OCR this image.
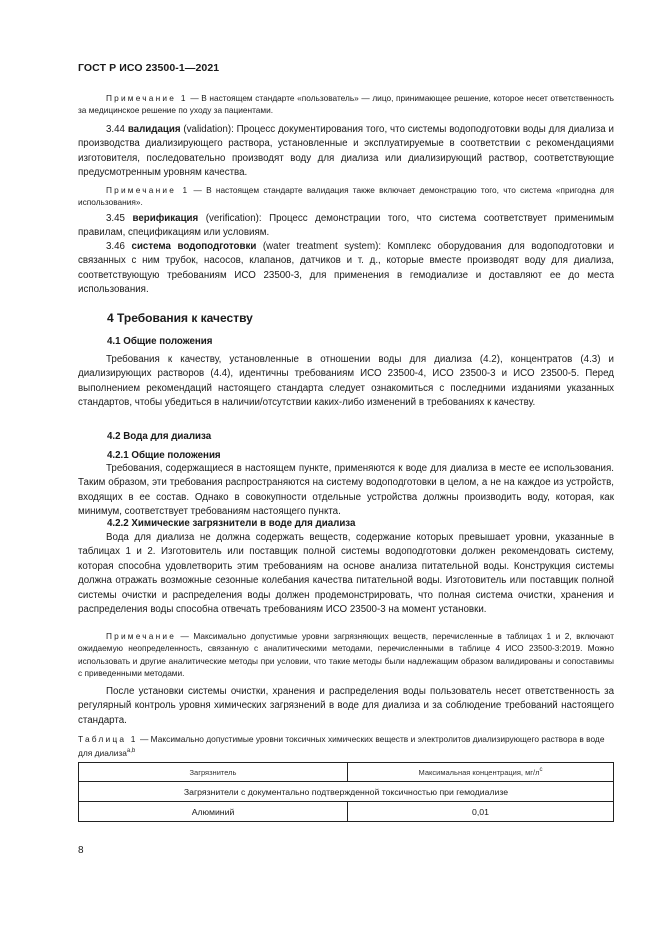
ГОСТ Р ИСО 23500-1—2021

Примечание 1 — В настоящем стандарте «пользователь» — лицо, принимающее решение, которое несет ответственность за медицинское решение по уходу за пациентами.

3.44 валидация (validation): Процесс документирования того, что системы водоподготовки воды для диализа и производства диализирующего раствора, установленные и эксплуатируемые в соответствии с рекомендациями изготовителя, последовательно производят воду для диализа или диализирующий раствор, соответствующие предусмотренным уровням качества.

Примечание 1 — В настоящем стандарте валидация также включает демонстрацию того, что система «пригодна для использования».

3.45 верификация (verification): Процесс демонстрации того, что система соответствует применимым правилам, спецификациям или условиям.

3.46 система водоподготовки (water treatment system): Комплекс оборудования для водоподготовки и связанных с ним трубок, насосов, клапанов, датчиков и т. д., которые вместе производят воду для диализа, соответствующую требованиям ИСО 23500-3, для применения в гемодиализе и доставляют ее до места использования.

4 Требования к качеству
4.1 Общие положения

Требования к качеству, установленные в отношении воды для диализа (4.2), концентратов (4.3) и диализирующих растворов (4.4), идентичны требованиям ИСО 23500-4, ИСО 23500-3 и ИСО 23500-5. Перед выполнением рекомендаций настоящего стандарта следует ознакомиться с последними изданиями указанных стандартов, чтобы убедиться в наличии/отсутствии каких-либо изменений в требованиях к качеству.

4.2 Вода для диализа
4.2.1 Общие положения

Требования, содержащиеся в настоящем пункте, применяются к воде для диализа в месте ее использования. Таким образом, эти требования распространяются на систему водоподготовки в целом, а не на каждое из устройств, входящих в ее состав. Однако в совокупности отдельные устройства должны производить воду, которая, как минимум, соответствует требованиям настоящего пункта.

4.2.2 Химические загрязнители в воде для диализа

Вода для диализа не должна содержать веществ, содержание которых превышает уровни, указанные в таблицах 1 и 2. Изготовитель или поставщик полной системы водоподготовки должен рекомендовать систему, которая способна удовлетворить этим требованиям на основе анализа питательной воды. Конструкция системы должна отражать возможные сезонные колебания качества питательной воды. Изготовитель или поставщик полной системы очистки и распределения воды должен продемонстрировать, что полная система очистки, хранения и распределения воды способна отвечать требованиям ИСО 23500-3 на момент установки.

Примечание — Максимально допустимые уровни загрязняющих веществ, перечисленные в таблицах 1 и 2, включают ожидаемую неопределенность, связанную с аналитическими методами, перечисленными в таблице 4 ИСО 23500-3:2019. Можно использовать и другие аналитические методы при условии, что такие методы были надлежащим образом валидированы и сопоставимы с приведенными методами.

После установки системы очистки, хранения и распределения воды пользователь несет ответственность за регулярный контроль уровня химических загрязнений в воде для диализа и за соблюдение требований настоящего стандарта.

Таблица 1 — Максимально допустимые уровни токсичных химических веществ и электролитов диализирующего раствора в воде для диализа$^{a,b}$

Загрязнитель	Максимальная концентрация, $мг/л^c$
Загрязнители с документально подтвержденной токсичностью при гемодиализе	
Алюминий	0,01
8
